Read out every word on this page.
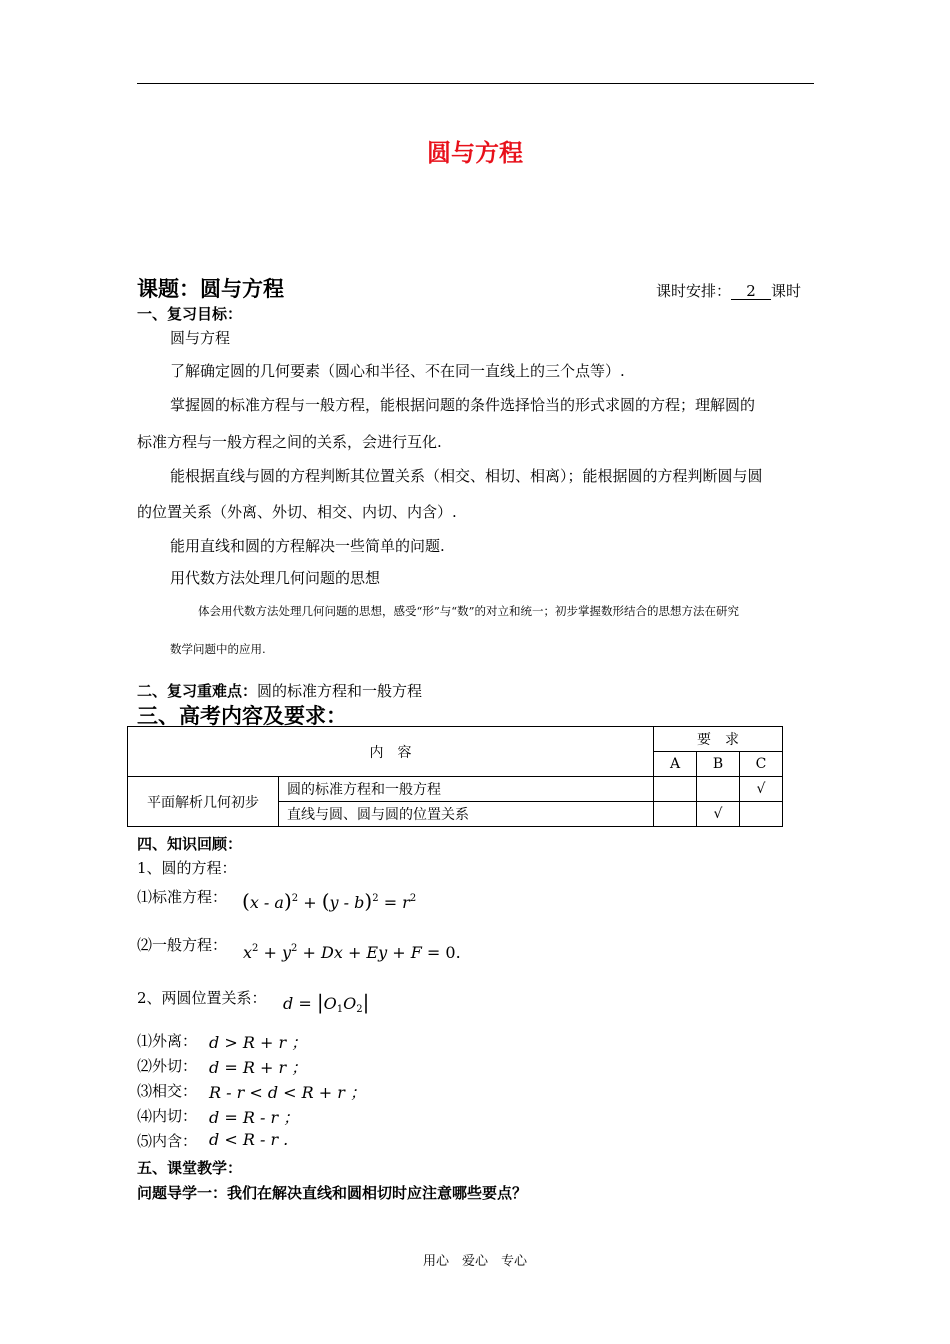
圆与方程
课题：圆与方程	课时安排： 2 课时
一、复习目标：
圆与方程
了解确定圆的几何要素（圆心和半径、不在同一直线上的三个点等）.
掌握圆的标准方程与一般方程，能根据问题的条件选择恰当的形式求圆的方程；理解圆的
标准方程与一般方程之间的关系，会进行互化.
能根据直线与圆的方程判断其位置关系（相交、相切、相离）；能根据圆的方程判断圆与圆
的位置关系（外离、外切、相交、内切、内含）.
能用直线和圆的方程解决一些简单的问题.
用代数方法处理几何问题的思想
体会用代数方法处理几何问题的思想，感受“形”与“数”的对立和统一；初步掌握数形结合的思想方法在研究
数学问题中的应用.
二、复习重难点：圆的标准方程和一般方程
三、高考内容及要求：
内　容		要　求		
		A	B	C
平面解析几何初步	圆的标准方程和一般方程			√
	直线与圆、圆与圆的位置关系		√	
四、知识回顾：
1、圆的方程：
⑴标准方程： $(x - a)^2 + (y - b)^2 = r^2$
⑵一般方程： $x^2 + y^2 + Dx + Ey + F = 0$.
2、两圆位置关系： $d = |O_1O_2|$
⑴外离： d > R + r ；
⑵外切： d = R + r ；
⑶相交： R - r < d < R + r ；
⑷内切： d = R - r ；
⑸内含： d < R - r .
五、课堂教学：
问题导学一：我们在解决直线和圆相切时应注意哪些要点？
用心　爱心　专心
